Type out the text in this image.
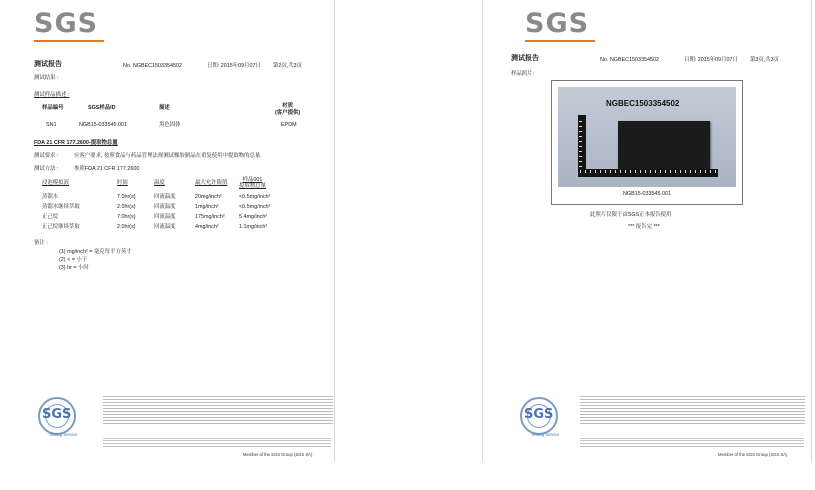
SGS
测试报告	No. NGBEC1503354502	日期: 2015年09月07日 第2页,共3页
测试结果 :
测试样品描述 :
样品编号	SGS样品ID	描述	材质
(客户提供)
SN1	NGB15-033545.001	黑色固体	EPDM
FDA 21 CFR 177.2600-提取物总量
测试要求 :	应客户要求, 按照食品与药品管理法规测试橡胶制品在重复使用中提取物的总量.
测试方法 :	参照FDA 21 CFR 177.2600
浸泡模拟液	时间	温度	最大允许限值	样品001
提取物总量
蒸馏水	7.0hr(s)	回流温度	20mg/inch²	<0.5mg/inch²
蒸馏水继续萃取	2.0hr(s)	回流温度	1mg/inch²	<0.5mg/inch²
正己烷	7.0hr(s)	回流温度	175mg/inch²	5.4mg/inch²
正己烷继续萃取	2.0hr(s)	回流温度	4mg/inch²	1.1mg/inch²
备注 :
(1) mg/inch² = 毫克每平方英寸
(2) < = 小于
(3) hr = 小时
SGS
Testing Service
Member of the SGS Group (SGS SA)
SGS
测试报告	No. NGBEC1503354502	日期: 2015年09月07日 第3页,共3页
样品照片:
NGBEC1503354502
NGB15-033545.001
此照片仅限于由SGS正本报告使用
*** 报告完 ***
SGS
Testing Service
Member of the SGS Group (SGS SA)
